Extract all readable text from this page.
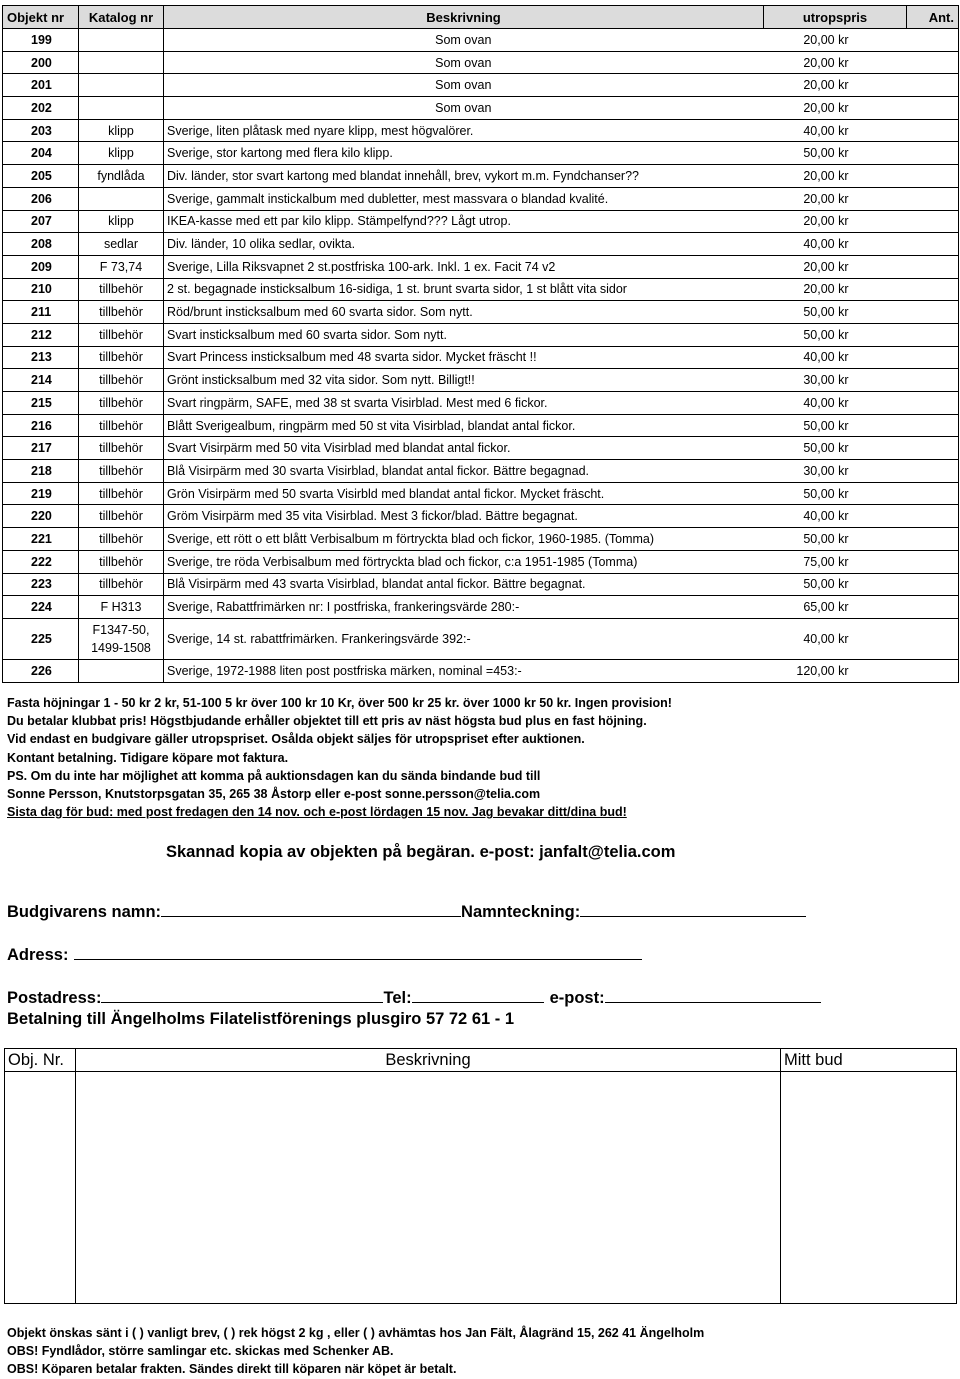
Objekt nr	Katalog nr	Beskrivning	utropspris	Ant.
199		Som ovan	20,00 kr	
200		Som ovan	20,00 kr	
201		Som ovan	20,00 kr	
202		Som ovan	20,00 kr	
203	klipp	Sverige, liten plåtask med nyare klipp, mest högvalörer.	40,00 kr	
204	klipp	Sverige, stor kartong med flera kilo klipp.	50,00 kr	
205	fyndlåda	Div. länder, stor svart kartong med blandat innehåll, brev, vykort m.m. Fyndchanser??	20,00 kr	
206		Sverige, gammalt instickalbum med dubletter, mest massvara o blandad kvalité.	20,00 kr	
207	klipp	IKEA-kasse med ett par kilo klipp. Stämpelfynd??? Lågt utrop.	20,00 kr	
208	sedlar	Div. länder, 10 olika sedlar, ovikta.	40,00 kr	
209	F 73,74	Sverige, Lilla Riksvapnet 2 st.postfriska 100-ark. Inkl. 1 ex. Facit 74 v2	20,00 kr	
210	tillbehör	2 st. begagnade insticksalbum 16-sidiga, 1 st. brunt svarta sidor, 1 st blått vita sidor	20,00 kr	
211	tillbehör	Röd/brunt insticksalbum med 60 svarta sidor. Som nytt.	50,00 kr	
212	tillbehör	Svart insticksalbum med 60 svarta sidor. Som nytt.	50,00 kr	
213	tillbehör	Svart Princess insticksalbum med 48 svarta sidor. Mycket fräscht !!	40,00 kr	
214	tillbehör	Grönt insticksalbum med 32 vita sidor. Som nytt. Billigt!!	30,00 kr	
215	tillbehör	Svart ringpärm, SAFE, med 38 st svarta Visirblad. Mest med 6 fickor.	40,00 kr	
216	tillbehör	Blått Sverigealbum, ringpärm med 50 st vita Visirblad, blandat antal fickor.	50,00 kr	
217	tillbehör	Svart Visirpärm med 50 vita Visirblad med blandat antal fickor.	50,00 kr	
218	tillbehör	Blå Visirpärm med 30 svarta Visirblad, blandat antal fickor. Bättre begagnad.	30,00 kr	
219	tillbehör	Grön Visirpärm med 50 svarta Visirbld med blandat antal fickor. Mycket fräscht.	50,00 kr	
220	tillbehör	Gröm Visirpärm med 35 vita Visirblad. Mest 3 fickor/blad. Bättre begagnat.	40,00 kr	
221	tillbehör	Sverige, ett rött o ett blått Verbisalbum m förtryckta blad och fickor, 1960-1985. (Tomma)	50,00 kr	
222	tillbehör	Sverige, tre röda Verbisalbum med förtryckta blad och fickor, c:a 1951-1985 (Tomma)	75,00 kr	
223	tillbehör	Blå Visirpärm med 43 svarta Visirblad, blandat antal fickor. Bättre begagnat.	50,00 kr	
224	F H313	Sverige, Rabattfrimärken nr: I postfriska, frankeringsvärde 280:-	65,00 kr	
225	F1347-50, 1499-1508	Sverige, 14 st. rabattfrimärken. Frankeringsvärde 392:-	40,00 kr	
226		Sverige, 1972-1988 liten post postfriska märken, nominal =453:-	120,00 kr	
Fasta höjningar 1 - 50 kr 2 kr, 51-100 5 kr över 100 kr 10 Kr, över 500 kr 25 kr. över 1000 kr 50 kr. Ingen provision!
Du betalar klubbat pris! Högstbjudande erhåller objektet till ett pris av näst högsta bud plus en fast höjning.
Vid endast en budgivare gäller utropspriset. Osålda objekt säljes för utropspriset efter auktionen.
Kontant betalning. Tidigare köpare mot faktura.
PS. Om du inte har möjlighet att komma på auktionsdagen kan du sända bindande bud till
Sonne Persson, Knutstorpsgatan 35, 265 38 Åstorp eller e-post sonne.persson@telia.com
Sista dag för bud: med post fredagen den 14 nov. och e-post lördagen 15 nov. Jag bevakar ditt/dina bud!
Skannad kopia av objekten på begäran. e-post: janfalt@telia.com
Budgivarens namn:	Namnteckning:
Adress:
Postadress:	Tel:	e-post:
Betalning till Ängelholms Filatelistförenings plusgiro 57 72 61 - 1
Obj. Nr.	Beskrivning	Mitt bud

Objekt önskas sänt i ( ) vanligt brev, ( ) rek högst 2 kg , eller ( ) avhämtas hos Jan Fält, Ålagränd 15, 262 41 Ängelholm
OBS! Fyndlådor, större samlingar etc. skickas med Schenker AB.
OBS! Köparen betalar frakten. Sändes direkt till köparen när köpet är betalt.
